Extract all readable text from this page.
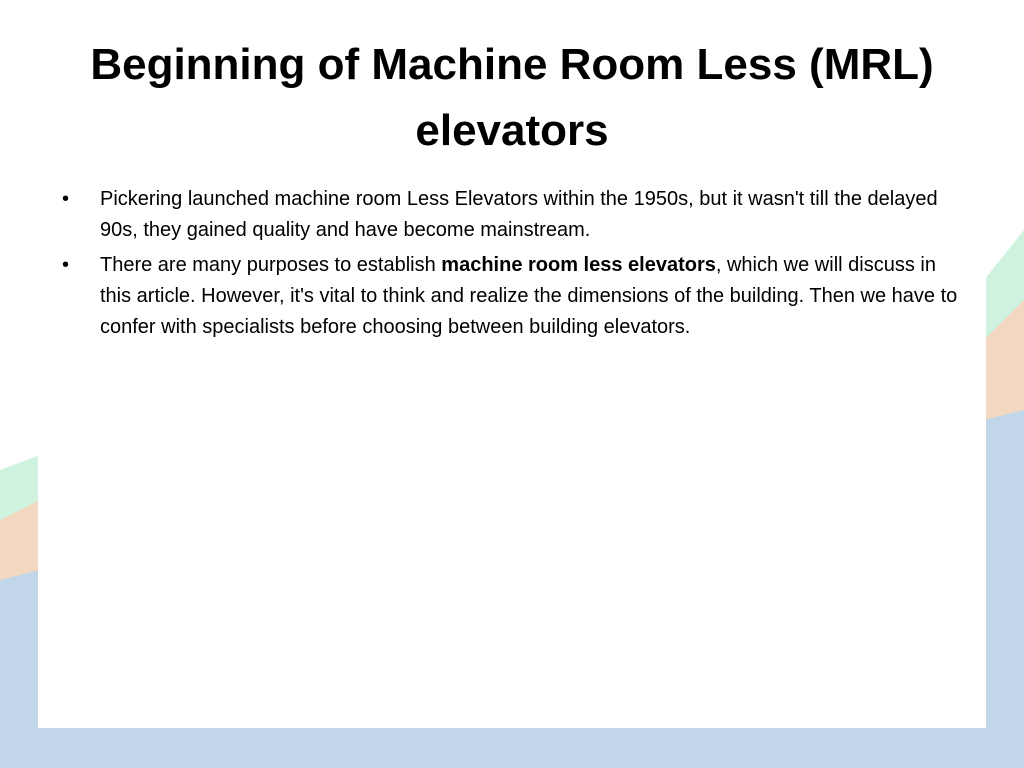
Beginning of Machine Room Less (MRL) elevators
• Pickering launched machine room Less Elevators within the 1950s, but it wasn't till the delayed 90s, they gained quality and have become mainstream.
• There are many purposes to establish machine room less elevators, which we will discuss in this article. However, it's vital to think and realize the dimensions of the building. Then we have to confer with specialists before choosing between building elevators.
